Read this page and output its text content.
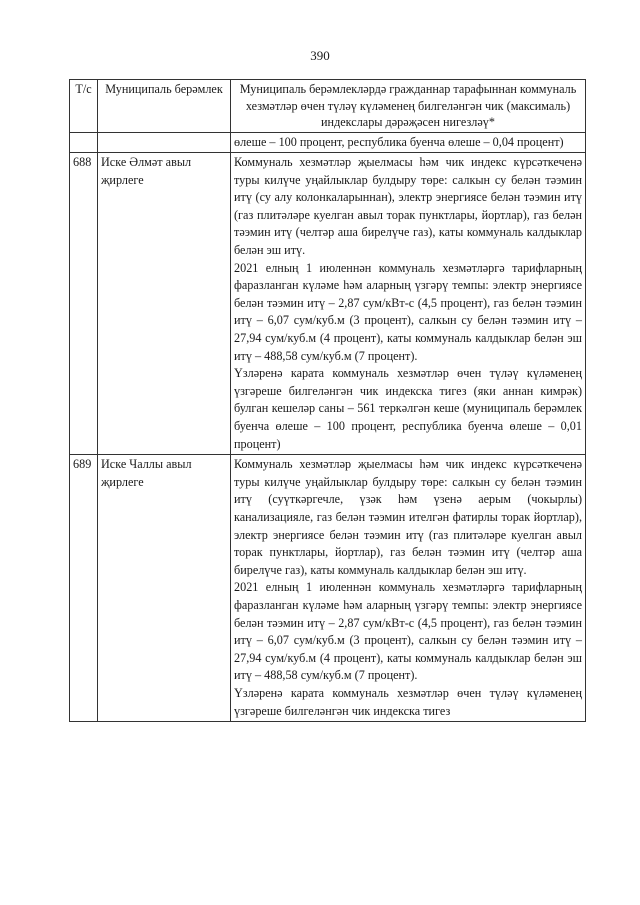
390
Т/с	Муниципаль берәмлек	Муниципаль берәмлекләрдә гражданнар тарафыннан коммуналь хезмәтләр өчен түләү күләменең билгеләнгән чик (максималь) индекслары дәрәҗәсен нигезләү*

		өлеше – 100 процент, республика буенча өлеше – 0,04 процент)

688	Иске Әлмәт авыл җирлеге	Коммуналь хезмәтләр җыелмасы һәм чик индекс күрсәткеченә туры килүче уңайлыклар булдыру төре: салкын су белән тәэмин итү (су алу колонкаларыннан), электр энергиясе белән тәэмин итү (газ плитәләре куелган авыл торак пунктлары, йортлар), газ белән тәэмин итү (челтәр аша бирелүче газ), каты коммуналь калдыклар белән эш итү.

2021 елның 1 июленнән коммуналь хезмәтләргә тарифларның фаразланган күләме һәм аларның үзгәрү темпы: электр энергиясе белән тәэмин итү – 2,87 сум/кВт-с (4,5 процент), газ белән тәэмин итү – 6,07 сум/куб.м (3 процент), салкын су белән тәэмин итү – 27,94 сум/куб.м (4 процент), каты коммуналь калдыклар белән эш итү – 488,58 сум/куб.м (7 процент).

Үзләренә карата коммуналь хезмәтләр өчен түләү күләменең үзгәреше билгеләнгән чик индекска тигез (яки аннан кимрәк) булган кешеләр саны – 561 теркәлгән кеше (муниципаль берәмлек буенча өлеше – 100 процент, республика буенча өлеше – 0,01 процент)

689	Иске Чаллы авыл җирлеге	Коммуналь хезмәтләр җыелмасы һәм чик индекс күрсәткеченә туры килүче уңайлыклар булдыру төре: салкын су белән тәэмин итү (суүткәргечле, үзәк һәм үзенә аерым (чокырлы) канализацияле, газ белән тәэмин ителгән фатирлы торак йортлар), электр энергиясе белән тәэмин итү (газ плитәләре куелган авыл торак пунктлары, йортлар), газ белән тәэмин итү (челтәр аша бирелүче газ), каты коммуналь калдыклар белән эш итү.

2021 елның 1 июленнән коммуналь хезмәтләргә тарифларның фаразланган күләме һәм аларның үзгәрү темпы: электр энергиясе белән тәэмин итү – 2,87 сум/кВт-с (4,5 процент), газ белән тәэмин итү – 6,07 сум/куб.м (3 процент), салкын су белән тәэмин итү – 27,94 сум/куб.м (4 процент), каты коммуналь калдыклар белән эш итү – 488,58 сум/куб.м (7 процент).

Үзләренә карата коммуналь хезмәтләр өчен түләү күләменең үзгәреше билгеләнгән чик индекска тигез
